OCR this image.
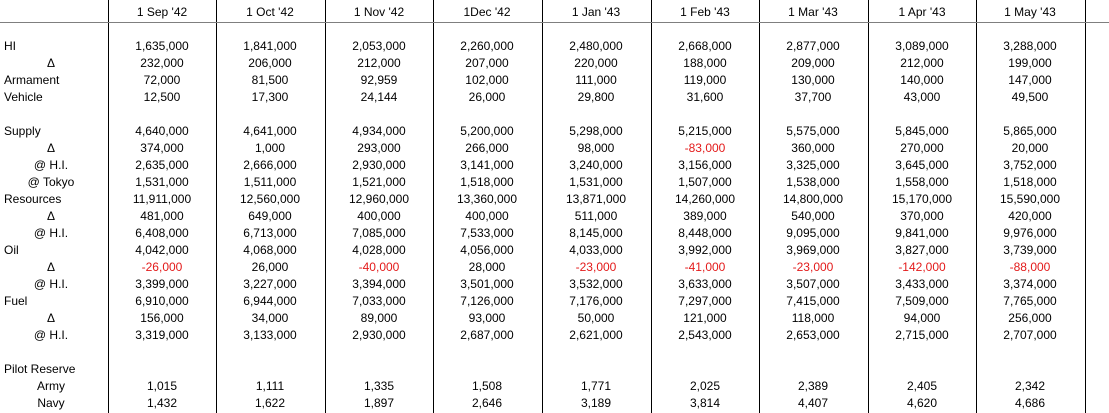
1 Sep '42	1 Oct '42	1 Nov '42	1Dec '42	1 Jan '43	1 Feb '43	1 Mar '43	1 Apr '43	1 May '43
HI	1,635,000	1,841,000	2,053,000	2,260,000	2,480,000	2,668,000	2,877,000	3,089,000	3,288,000
Δ	232,000	206,000	212,000	207,000	220,000	188,000	209,000	212,000	199,000
Armament	72,000	81,500	92,959	102,000	111,000	119,000	130,000	140,000	147,000
Vehicle	12,500	17,300	24,144	26,000	29,800	31,600	37,700	43,000	49,500
Supply	4,640,000	4,641,000	4,934,000	5,200,000	5,298,000	5,215,000	5,575,000	5,845,000	5,865,000
Δ	374,000	1,000	293,000	266,000	98,000	-83,000	360,000	270,000	20,000
@ H.I.	2,635,000	2,666,000	2,930,000	3,141,000	3,240,000	3,156,000	3,325,000	3,645,000	3,752,000
@ Tokyo	1,531,000	1,511,000	1,521,000	1,518,000	1,531,000	1,507,000	1,538,000	1,558,000	1,518,000
Resources	11,911,000	12,560,000	12,960,000	13,360,000	13,871,000	14,260,000	14,800,000	15,170,000	15,590,000
Δ	481,000	649,000	400,000	400,000	511,000	389,000	540,000	370,000	420,000
@ H.I.	6,408,000	6,713,000	7,085,000	7,533,000	8,145,000	8,448,000	9,095,000	9,841,000	9,976,000
Oil	4,042,000	4,068,000	4,028,000	4,056,000	4,033,000	3,992,000	3,969,000	3,827,000	3,739,000
Δ	-26,000	26,000	-40,000	28,000	-23,000	-41,000	-23,000	-142,000	-88,000
@ H.I.	3,399,000	3,227,000	3,394,000	3,501,000	3,532,000	3,633,000	3,507,000	3,433,000	3,374,000
Fuel	6,910,000	6,944,000	7,033,000	7,126,000	7,176,000	7,297,000	7,415,000	7,509,000	7,765,000
Δ	156,000	34,000	89,000	93,000	50,000	121,000	118,000	94,000	256,000
@ H.I.	3,319,000	3,133,000	2,930,000	2,687,000	2,621,000	2,543,000	2,653,000	2,715,000	2,707,000
Pilot Reserve
Army	1,015	1,111	1,335	1,508	1,771	2,025	2,389	2,405	2,342
Navy	1,432	1,622	1,897	2,646	3,189	3,814	4,407	4,620	4,686
